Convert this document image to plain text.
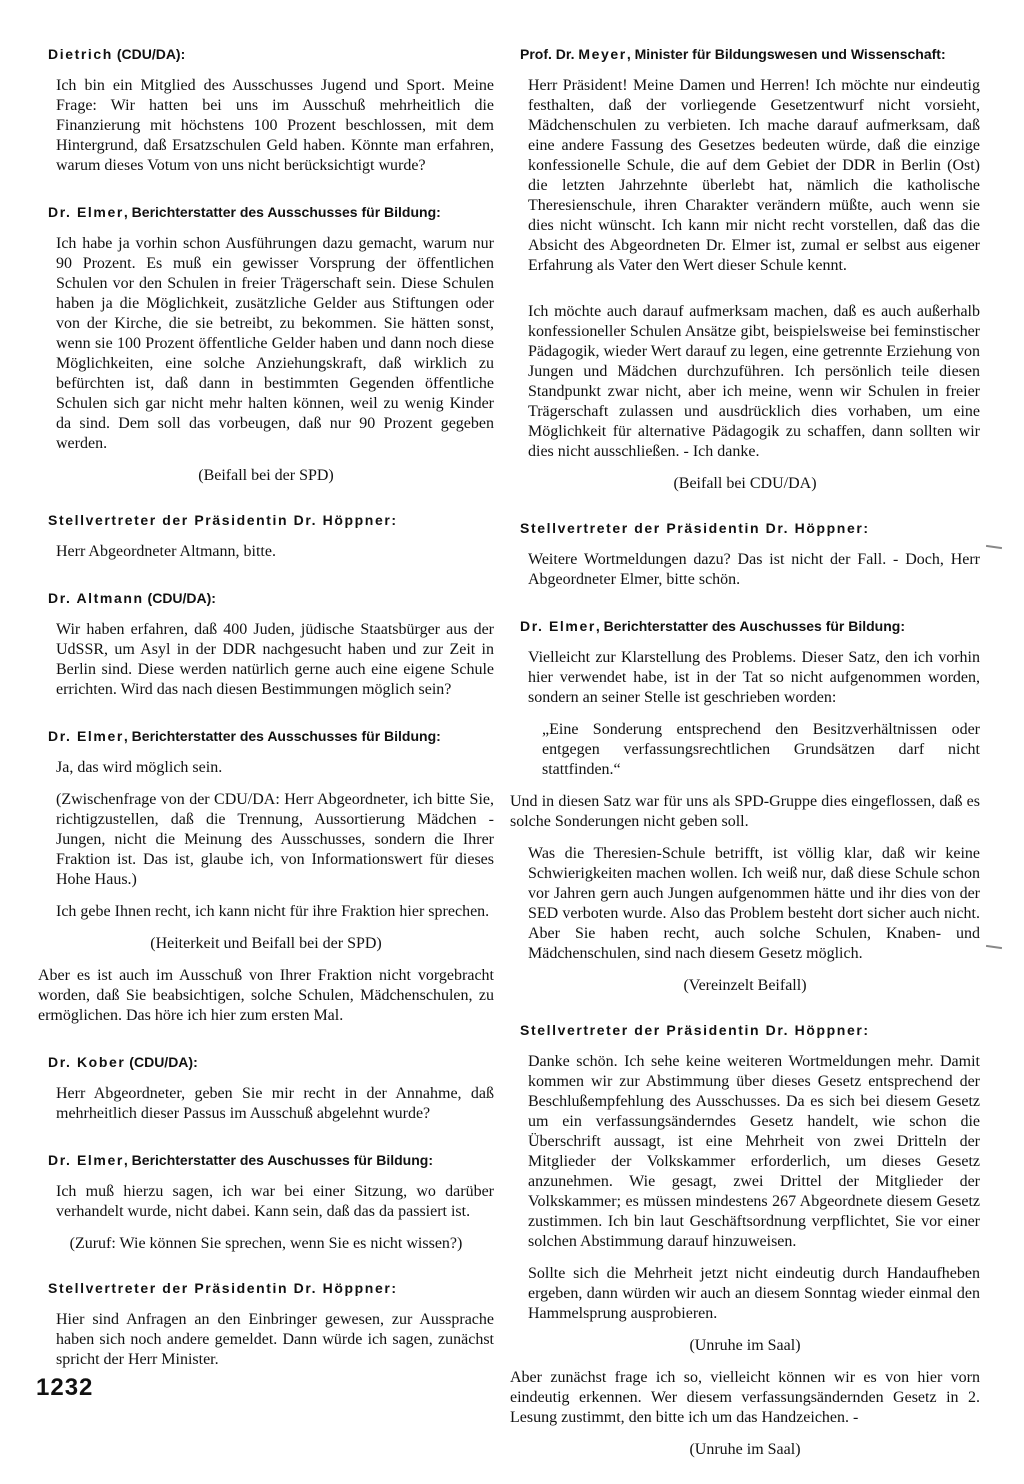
Dietrich (CDU/DA):
Ich bin ein Mitglied des Ausschusses Jugend und Sport. Meine Frage: Wir hatten bei uns im Ausschuß mehrheitlich die Finanzierung mit höchstens 100 Prozent beschlossen, mit dem Hintergrund, daß Ersatzschulen Geld haben. Könnte man erfahren, warum dieses Votum von uns nicht berücksichtigt wurde?
Dr. Elmer, Berichterstatter des Ausschusses für Bildung:
Ich habe ja vorhin schon Ausführungen dazu gemacht, warum nur 90 Prozent. Es muß ein gewisser Vorsprung der öffentlichen Schulen vor den Schulen in freier Trägerschaft sein. Diese Schulen haben ja die Möglichkeit, zusätzliche Gelder aus Stiftungen oder von der Kirche, die sie betreibt, zu bekommen. Sie hätten sonst, wenn sie 100 Prozent öffentliche Gelder haben und dann noch diese Möglichkeiten, eine solche Anziehungskraft, daß wirklich zu befürchten ist, daß dann in bestimmten Gegenden öffentliche Schulen sich gar nicht mehr halten können, weil zu wenig Kinder da sind. Dem soll das vorbeugen, daß nur 90 Prozent gegeben werden.
(Beifall bei der SPD)
Stellvertreter der Präsidentin Dr. Höppner:
Herr Abgeordneter Altmann, bitte.
Dr. Altmann (CDU/DA):
Wir haben erfahren, daß 400 Juden, jüdische Staatsbürger aus der UdSSR, um Asyl in der DDR nachgesucht haben und zur Zeit in Berlin sind. Diese werden natürlich gerne auch eine eigene Schule errichten. Wird das nach diesen Bestimmungen möglich sein?
Dr. Elmer, Berichterstatter des Ausschusses für Bildung:
Ja, das wird möglich sein.
(Zwischenfrage von der CDU/DA: Herr Abgeordneter, ich bitte Sie, richtigzustellen, daß die Trennung, Aussortierung Mädchen - Jungen, nicht die Meinung des Ausschusses, sondern die Ihrer Fraktion ist. Das ist, glaube ich, von Informationswert für dieses Hohe Haus.)
Ich gebe Ihnen recht, ich kann nicht für ihre Fraktion hier sprechen.
(Heiterkeit und Beifall bei der SPD)
Aber es ist auch im Ausschuß von Ihrer Fraktion nicht vorgebracht worden, daß Sie beabsichtigen, solche Schulen, Mädchenschulen, zu ermöglichen. Das höre ich hier zum ersten Mal.
Dr. Kober (CDU/DA):
Herr Abgeordneter, geben Sie mir recht in der Annahme, daß mehrheitlich dieser Passus im Ausschuß abgelehnt wurde?
Dr. Elmer, Berichterstatter des Auschusses für Bildung:
Ich muß hierzu sagen, ich war bei einer Sitzung, wo darüber verhandelt wurde, nicht dabei. Kann sein, daß das da passiert ist.
(Zuruf: Wie können Sie sprechen, wenn Sie es nicht wissen?)
Stellvertreter der Präsidentin Dr. Höppner:
Hier sind Anfragen an den Einbringer gewesen, zur Aussprache haben sich noch andere gemeldet. Dann würde ich sagen, zunächst spricht der Herr Minister.
Prof. Dr. Meyer, Minister für Bildungswesen und Wissenschaft:
Herr Präsident! Meine Damen und Herren! Ich möchte nur eindeutig festhalten, daß der vorliegende Gesetzentwurf nicht vorsieht, Mädchenschulen zu verbieten. Ich mache darauf aufmerksam, daß eine andere Fassung des Gesetzes bedeuten würde, daß die einzige konfessionelle Schule, die auf dem Gebiet der DDR in Berlin (Ost) die letzten Jahrzehnte überlebt hat, nämlich die katholische Theresienschule, ihren Charakter verändern müßte, auch wenn sie dies nicht wünscht. Ich kann mir nicht recht vorstellen, daß das die Absicht des Abgeordneten Dr. Elmer ist, zumal er selbst aus eigener Erfahrung als Vater den Wert dieser Schule kennt.
Ich möchte auch darauf aufmerksam machen, daß es auch außerhalb konfessioneller Schulen Ansätze gibt, beispielsweise bei feminstischer Pädagogik, wieder Wert darauf zu legen, eine getrennte Erziehung von Jungen und Mädchen durchzuführen. Ich persönlich teile diesen Standpunkt zwar nicht, aber ich meine, wenn wir Schulen in freier Trägerschaft zulassen und ausdrücklich dies vorhaben, um eine Möglichkeit für alternative Pädagogik zu schaffen, dann sollten wir dies nicht ausschließen. - Ich danke.
(Beifall bei CDU/DA)
Stellvertreter der Präsidentin Dr. Höppner:
Weitere Wortmeldungen dazu? Das ist nicht der Fall. - Doch, Herr Abgeordneter Elmer, bitte schön.
Dr. Elmer, Berichterstatter des Auschusses für Bildung:
Vielleicht zur Klarstellung des Problems. Dieser Satz, den ich vorhin hier verwendet habe, ist in der Tat so nicht aufgenommen worden, sondern an seiner Stelle ist geschrieben worden:
„Eine Sonderung entsprechend den Besitzverhältnissen oder entgegen verfassungsrechtlichen Grundsätzen darf nicht stattfinden.“
Und in diesen Satz war für uns als SPD-Gruppe dies eingeflossen, daß es solche Sonderungen nicht geben soll.
Was die Theresien-Schule betrifft, ist völlig klar, daß wir keine Schwierigkeiten machen wollen. Ich weiß nur, daß diese Schule schon vor Jahren gern auch Jungen aufgenommen hätte und ihr dies von der SED verboten wurde. Also das Problem besteht dort sicher auch nicht. Aber Sie haben recht, auch solche Schulen, Knaben- und Mädchenschulen, sind nach diesem Gesetz möglich.
(Vereinzelt Beifall)
Stellvertreter der Präsidentin Dr. Höppner:
Danke schön. Ich sehe keine weiteren Wortmeldungen mehr. Damit kommen wir zur Abstimmung über dieses Gesetz entsprechend der Beschlußempfehlung des Ausschusses. Da es sich bei diesem Gesetz um ein verfassungsänderndes Gesetz handelt, wie schon die Überschrift aussagt, ist eine Mehrheit von zwei Dritteln der Mitglieder der Volkskammer erforderlich, um dieses Gesetz anzunehmen. Wie gesagt, zwei Drittel der Mitglieder der Volkskammer; es müssen mindestens 267 Abgeordnete diesem Gesetz zustimmen. Ich bin laut Geschäftsordnung verpflichtet, Sie vor einer solchen Abstimmung darauf hinzuweisen.
Sollte sich die Mehrheit jetzt nicht eindeutig durch Handaufheben ergeben, dann würden wir auch an diesem Sonntag wieder einmal den Hammelsprung ausprobieren.
(Unruhe im Saal)
Aber zunächst frage ich so, vielleicht können wir es von hier vorn eindeutig erkennen. Wer diesem verfassungsändernden Gesetz in 2. Lesung zustimmt, den bitte ich um das Handzeichen. -
(Unruhe im Saal)
1232
